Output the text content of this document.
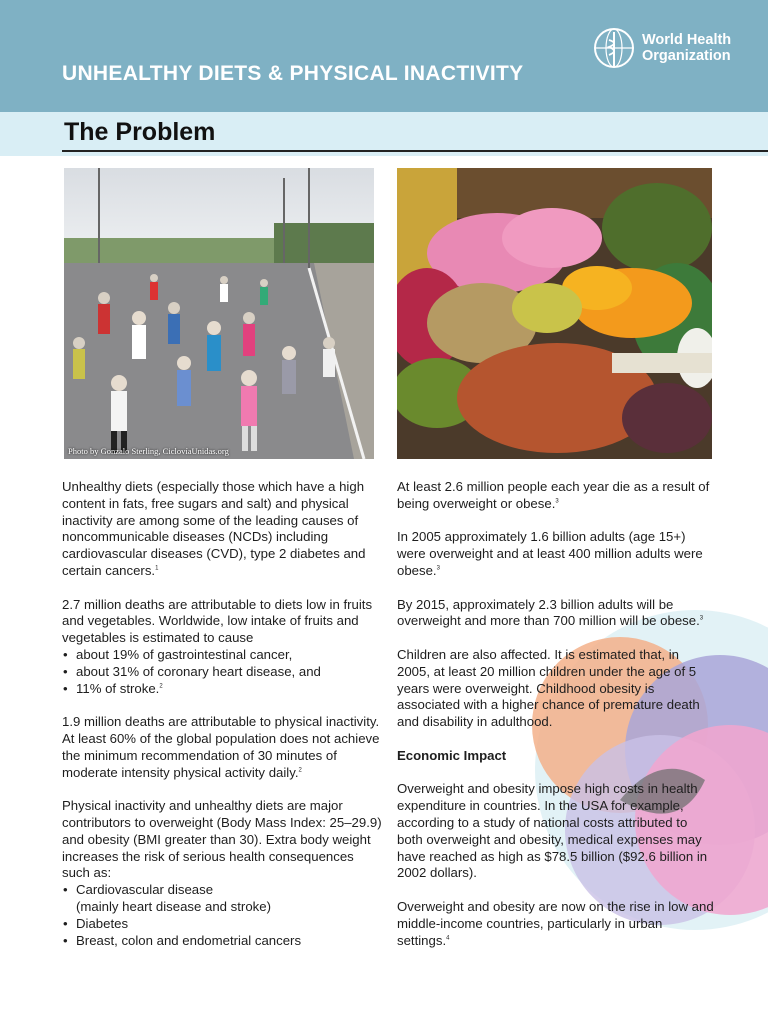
UNHEALTHY DIETS & PHYSICAL INACTIVITY
World Health
Organization
The Problem
Photo by Gonzalo Sterling, CiclovíaUnidas.org

Unhealthy diets (especially those which have a high content in fats, free sugars and salt) and physical inactivity are among some of the leading causes of noncommunicable diseases (NCDs) including cardiovascular diseases (CVD), type 2 diabetes and certain cancers.$^1$

2.7 million deaths are attributable to diets low in fruits and vegetables. Worldwide, low intake of fruits and vegetables is estimated to cause

• about 19% of gastrointestinal cancer,
• about 31% of coronary heart disease, and
• 11% of stroke.$^2$

1.9 million deaths are attributable to physical inactivity. At least 60% of the global population does not achieve the minimum recommendation of 30 minutes of moderate intensity physical activity daily.$^2$

Physical inactivity and unhealthy diets are major contributors to overweight (Body Mass Index: 25–29.9) and obesity (BMI greater than 30). Extra body weight increases the risk of serious health consequences such as:

• Cardiovascular disease
(mainly heart disease and stroke)
• Diabetes
• Breast, colon and endometrial cancers

At least 2.6 million people each year die as a result of being overweight or obese.$^3$

In 2005 approximately 1.6 billion adults (age 15+) were overweight and at least 400 million adults were obese.$^3$

By 2015, approximately 2.3 billion adults will be overweight and more than 700 million will be obese.$^3$

Children are also affected. It is estimated that, in 2005, at least 20 million children under the age of 5 years were overweight. Childhood obesity is associated with a higher chance of premature death and disability in adulthood.

Economic Impact

Overweight and obesity impose high costs in health expenditure in countries. In the USA for example, according to a study of national costs attributed to both overweight and obesity, medical expenses may have reached as high as $78.5 billion ($92.6 billion in 2002 dollars).

Overweight and obesity are now on the rise in low and middle-income countries, particularly in urban settings.$^4$
